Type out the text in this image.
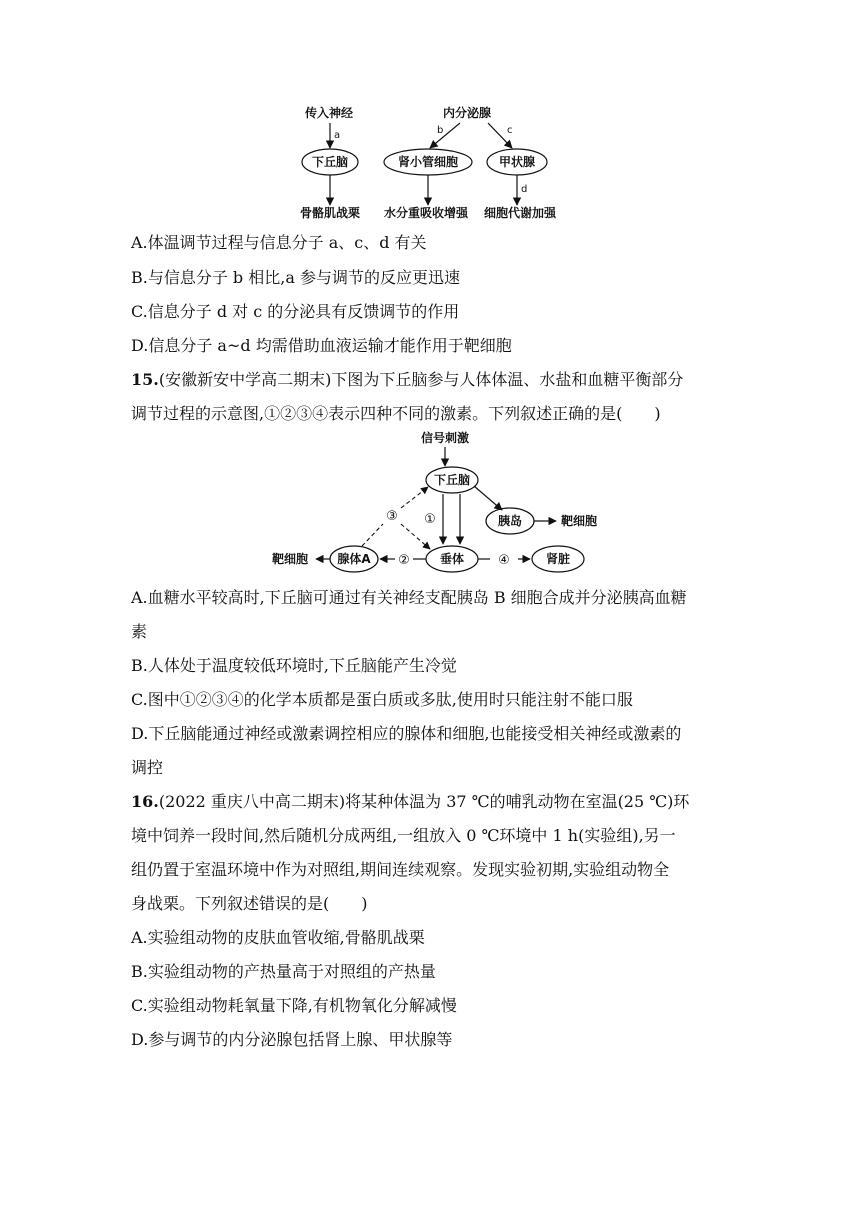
传入神经	内分泌腺
a	b	c
下丘脑	肾小管细胞	甲状腺
d
骨骼肌战栗 水分重吸收增强 细胞代谢加强
A.体温调节过程与信息分子 a、c、d 有关
B.与信息分子 b 相比,a 参与调节的反应更迅速
C.信息分子 d 对 c 的分泌具有反馈调节的作用
D.信息分子 a~d 均需借助血液运输才能作用于靶细胞
15.(安徽新安中学高二期末)下图为下丘脑参与人体体温、水盐和血糖平衡部分
调节过程的示意图,①②③④表示四种不同的激素。下列叙述正确的是(　　)
信号刺激
下丘脑
胰岛	靶细胞
①
垂体
腺体A ②
靶细胞
③
④	肾脏
A.血糖水平较高时,下丘脑可通过有关神经支配胰岛 B 细胞合成并分泌胰高血糖
素
B.人体处于温度较低环境时,下丘脑能产生冷觉
C.图中①②③④的化学本质都是蛋白质或多肽,使用时只能注射不能口服
D.下丘脑能通过神经或激素调控相应的腺体和细胞,也能接受相关神经或激素的
调控
16.(2022 重庆八中高二期末)将某种体温为 37 ℃的哺乳动物在室温(25 ℃)环
境中饲养一段时间,然后随机分成两组,一组放入 0 ℃环境中 1 h(实验组),另一
组仍置于室温环境中作为对照组,期间连续观察。发现实验初期,实验组动物全
身战栗。下列叙述错误的是(　　)
A.实验组动物的皮肤血管收缩,骨骼肌战栗
B.实验组动物的产热量高于对照组的产热量
C.实验组动物耗氧量下降,有机物氧化分解减慢
D.参与调节的内分泌腺包括肾上腺、甲状腺等
